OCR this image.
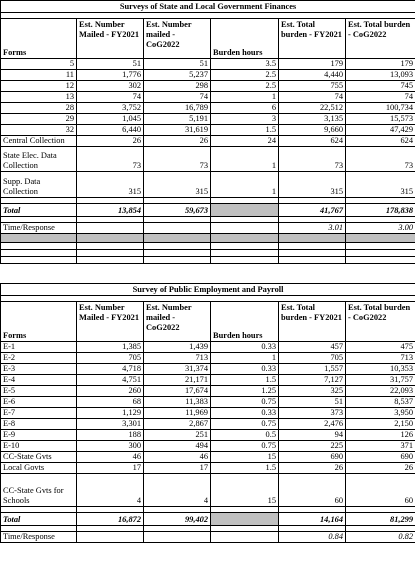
Surveys of State and Local Government Finances					

Forms	Est. Number Mailed - FY2021	Est. Number mailed - CoG2022	Burden hours	Est. Total burden - FY2021	Est. Total burden - CoG2022
5	51	51	3.5	179	179
11	1,776	5,237	2.5	4,440	13,093
12	302	298	2.5	755	745
13	74	74	1	74	74
28	3,752	16,789	6	22,512	100,734
29	1,045	5,191	3	3,135	15,573
32	6,440	31,619	1.5	9,660	47,429
Central Collection	26	26	24	624	624
State Elec. Data Collection	73	73	1	73	73
Supp. Data Collection	315	315	1	315	315

Total	13,854	59,673		41,767	178,838

Time/Response				3.01	3.00

Survey of Public Employment and Payroll					

Forms	Est. Number Mailed - FY2021	Est. Number mailed - CoG2022	Burden hours	Est. Total burden - FY2021	Est. Total burden - CoG2022
E-1	1,385	1,439	0.33	457	475
E-2	705	713	1	705	713
E-3	4,718	31,374	0.33	1,557	10,353
E-4	4,751	21,171	1.5	7,127	31,757
E-5	260	17,674	1.25	325	22,093
E-6	68	11,383	0.75	51	8,537
E-7	1,129	11,969	0.33	373	3,950
E-8	3,301	2,867	0.75	2,476	2,150
E-9	188	251	0.5	94	126
E-10	300	494	0.75	225	371
CC-State Gvts	46	46	15	690	690
Local Govts	17	17	1.5	26	26
CC-State Gvts for Schools	4	4	15	60	60

Total	16,872	99,402		14,164	81,299

Time/Response				0.84	0.82
